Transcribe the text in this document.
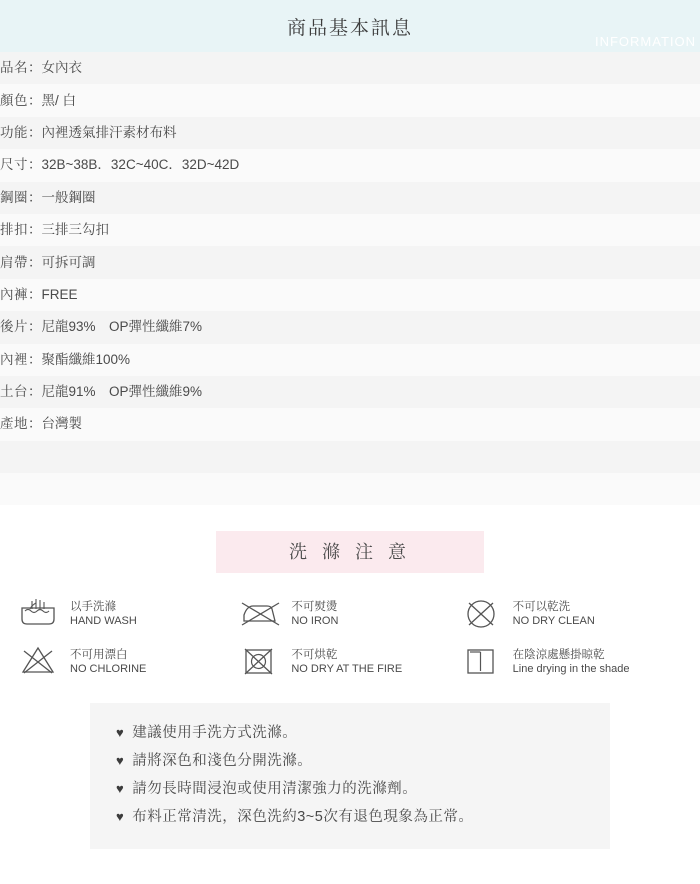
商品基本訊息
INFORMATION
品名：女內衣
顏色：黑/ 白
功能：內裡透氣排汗素材布料
尺寸：32B~38B．32C~40C．32D~42D
鋼圈：一般鋼圈
排扣：三排三勾扣
肩帶：可拆可調
內褲：FREE
後片：尼龍93%　OP彈性纖維7%
內裡：聚酯纖維100%
土台：尼龍91%　OP彈性纖維9%
產地：台灣製

洗 滌 注 意
以手洗滌
HAND WASH
不可熨燙
NO IRON
不可以乾洗
NO DRY CLEAN
不可用漂白
NO CHLORINE
不可烘乾
NO DRY AT THE FIRE
在陰涼處懸掛晾乾
Line drying in the shade
♥ 建議使用手洗方式洗滌。
♥ 請將深色和淺色分開洗滌。
♥ 請勿長時間浸泡或使用清潔強力的洗滌劑。
♥ 布料正常清洗，深色洗約3~5次有退色現象為正常。
